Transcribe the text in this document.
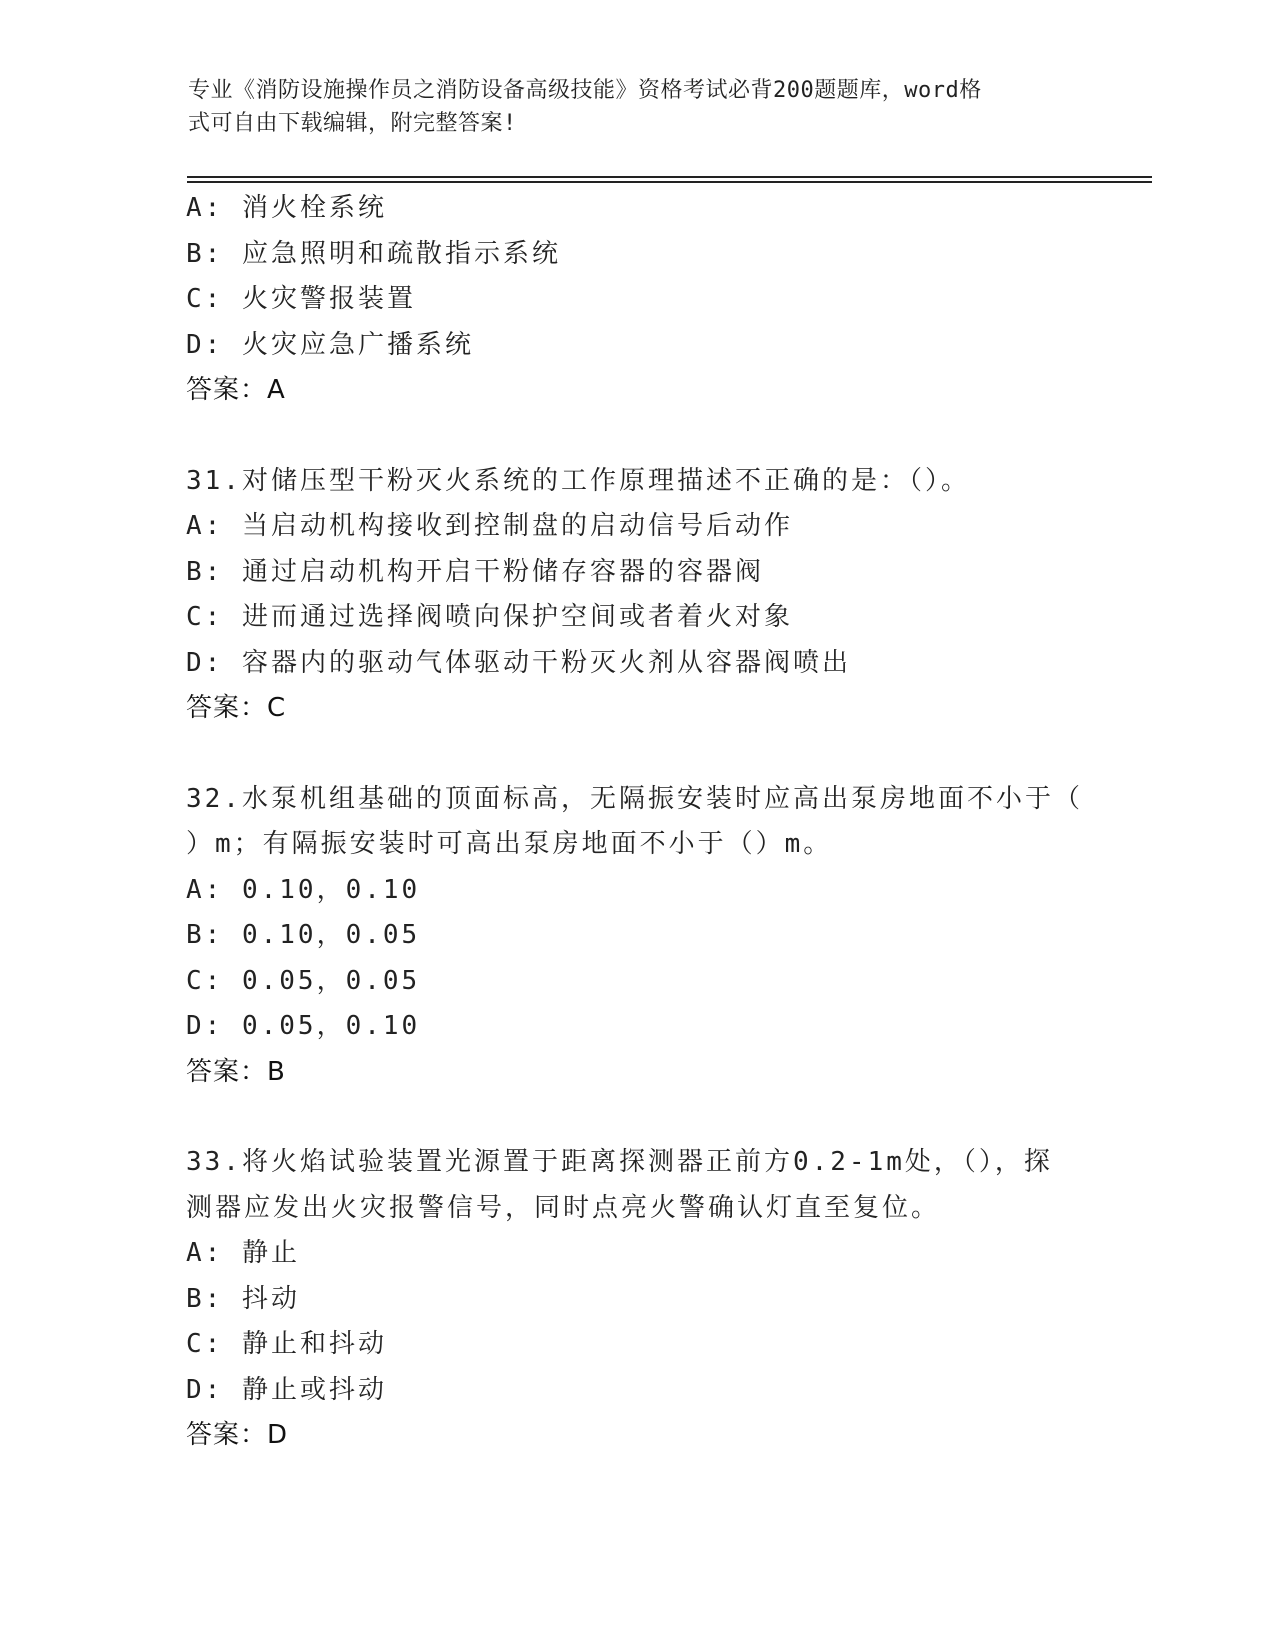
专业《消防设施操作员之消防设备高级技能》资格考试必背200题题库，word格
式可自由下载编辑，附完整答案!
A: 消火栓系统
B: 应急照明和疏散指示系统
C: 火灾警报装置
D: 火灾应急广播系统
答案：A
31.对储压型干粉灭火系统的工作原理描述不正确的是：（）。
A: 当启动机构接收到控制盘的启动信号后动作
B: 通过启动机构开启干粉储存容器的容器阀
C: 进而通过选择阀喷向保护空间或者着火对象
D: 容器内的驱动气体驱动干粉灭火剂从容器阀喷出
答案：C
32.水泵机组基础的顶面标高，无隔振安装时应高出泵房地面不小于（
）m；有隔振安装时可高出泵房地面不小于（）m。
A: 0.10，0.10
B: 0.10，0.05
C: 0.05，0.05
D: 0.05，0.10
答案：B
33.将火焰试验装置光源置于距离探测器正前方0.2-1m处，（），探
测器应发出火灾报警信号，同时点亮火警确认灯直至复位。
A: 静止
B: 抖动
C: 静止和抖动
D: 静止或抖动
答案：D
